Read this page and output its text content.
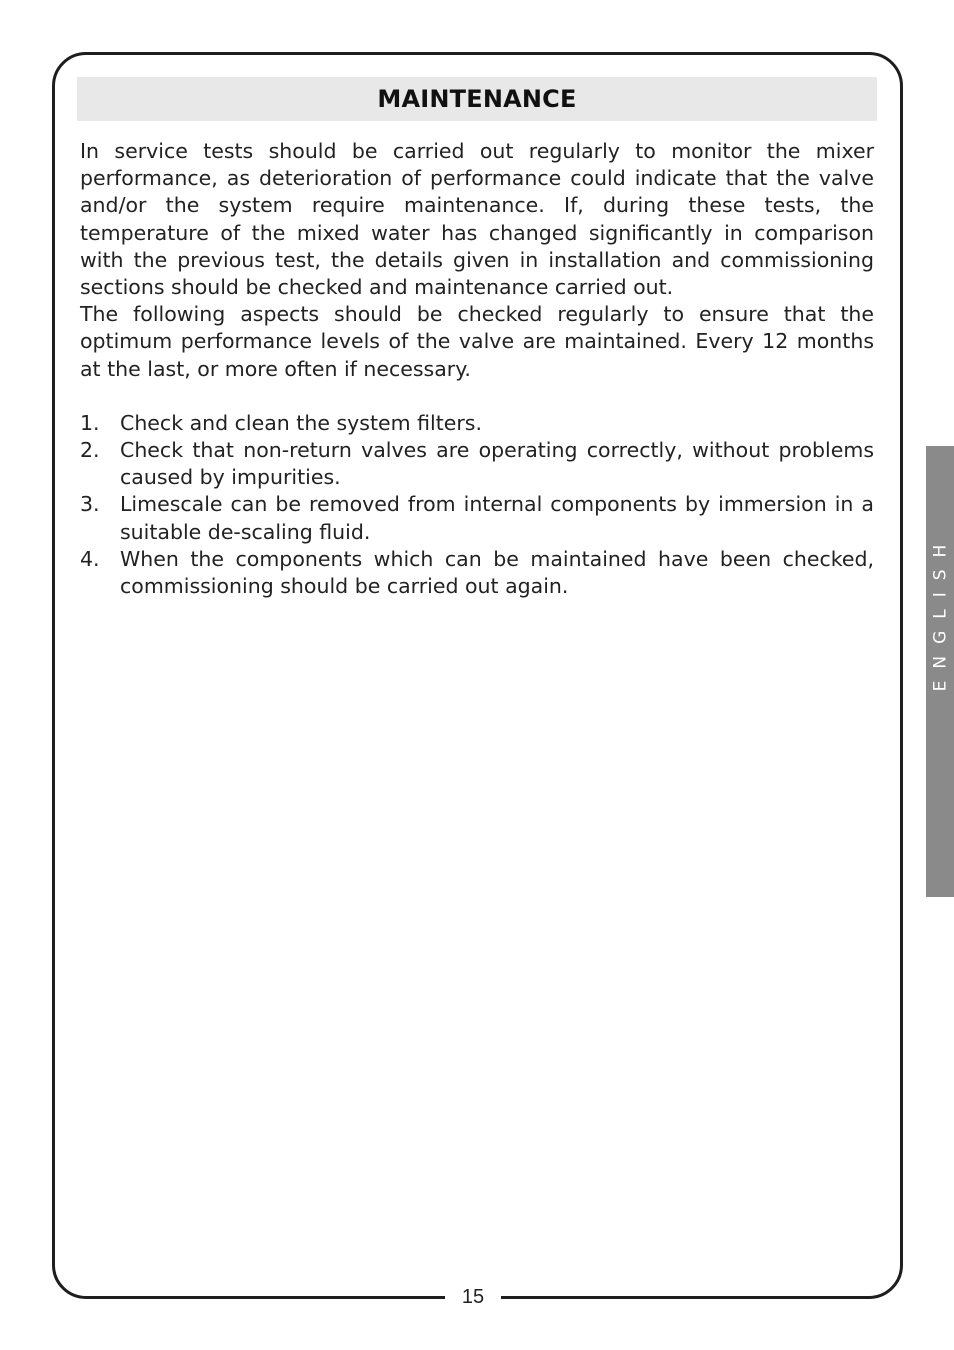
MAINTENANCE

In service tests should be carried out regularly to monitor the mixer performance, as deterioration of performance could indicate that the valve and/or the system require maintenance. If, during these tests, the temperature of the mixed water has changed significantly in comparison with the previous test, the details given in installation and commissioning sections should be checked and maintenance carried out.

The following aspects should be checked regularly to ensure that the optimum performance levels of the valve are maintained. Every 12 months at the last, or more often if necessary.

1. Check and clean the system filters.
2. Check that non-return valves are operating correctly, without problems caused by impurities.
3. Limescale can be removed from internal components by immersion in a suitable de-scaling fluid.
4. When the components which can be maintained have been checked, commissioning should be carried out again.	ENGLISH
15
